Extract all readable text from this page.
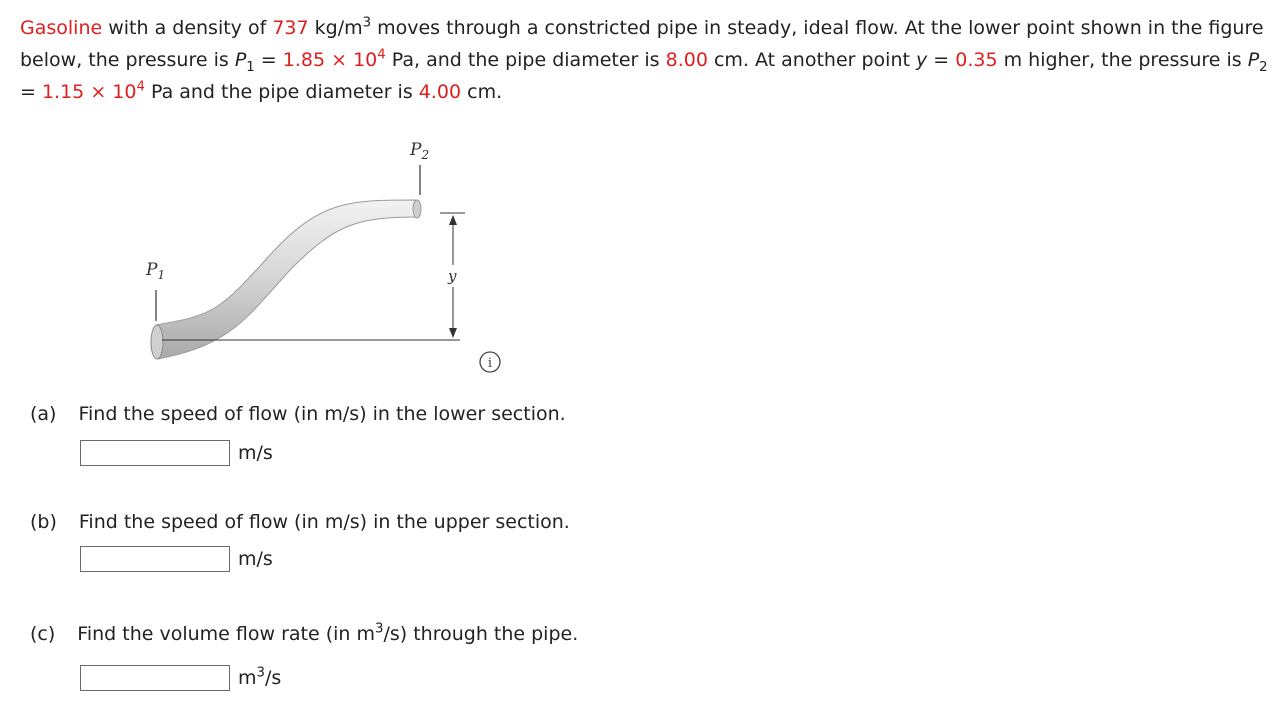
Gasoline with a density of 737 $kg/m^3$ moves through a constricted pipe in steady, ideal flow. At the lower point shown in the figure below, the pressure is $P_1 = 1.85 \times 10^4$ Pa, and the pipe diameter is 8.00 cm. At another point y = 0.35 m higher, the pressure is $P_2 = 1.15 \times 10^4$ Pa and the pipe diameter is 4.00 cm.
$P_1$
$P_2$
y
i
(a) Find the speed of flow (in m/s) in the lower section.
m/s
(b) Find the speed of flow (in m/s) in the upper section.
m/s
(c) Find the volume flow rate (in $m^3/s$) through the pipe.
$m^3/s$
